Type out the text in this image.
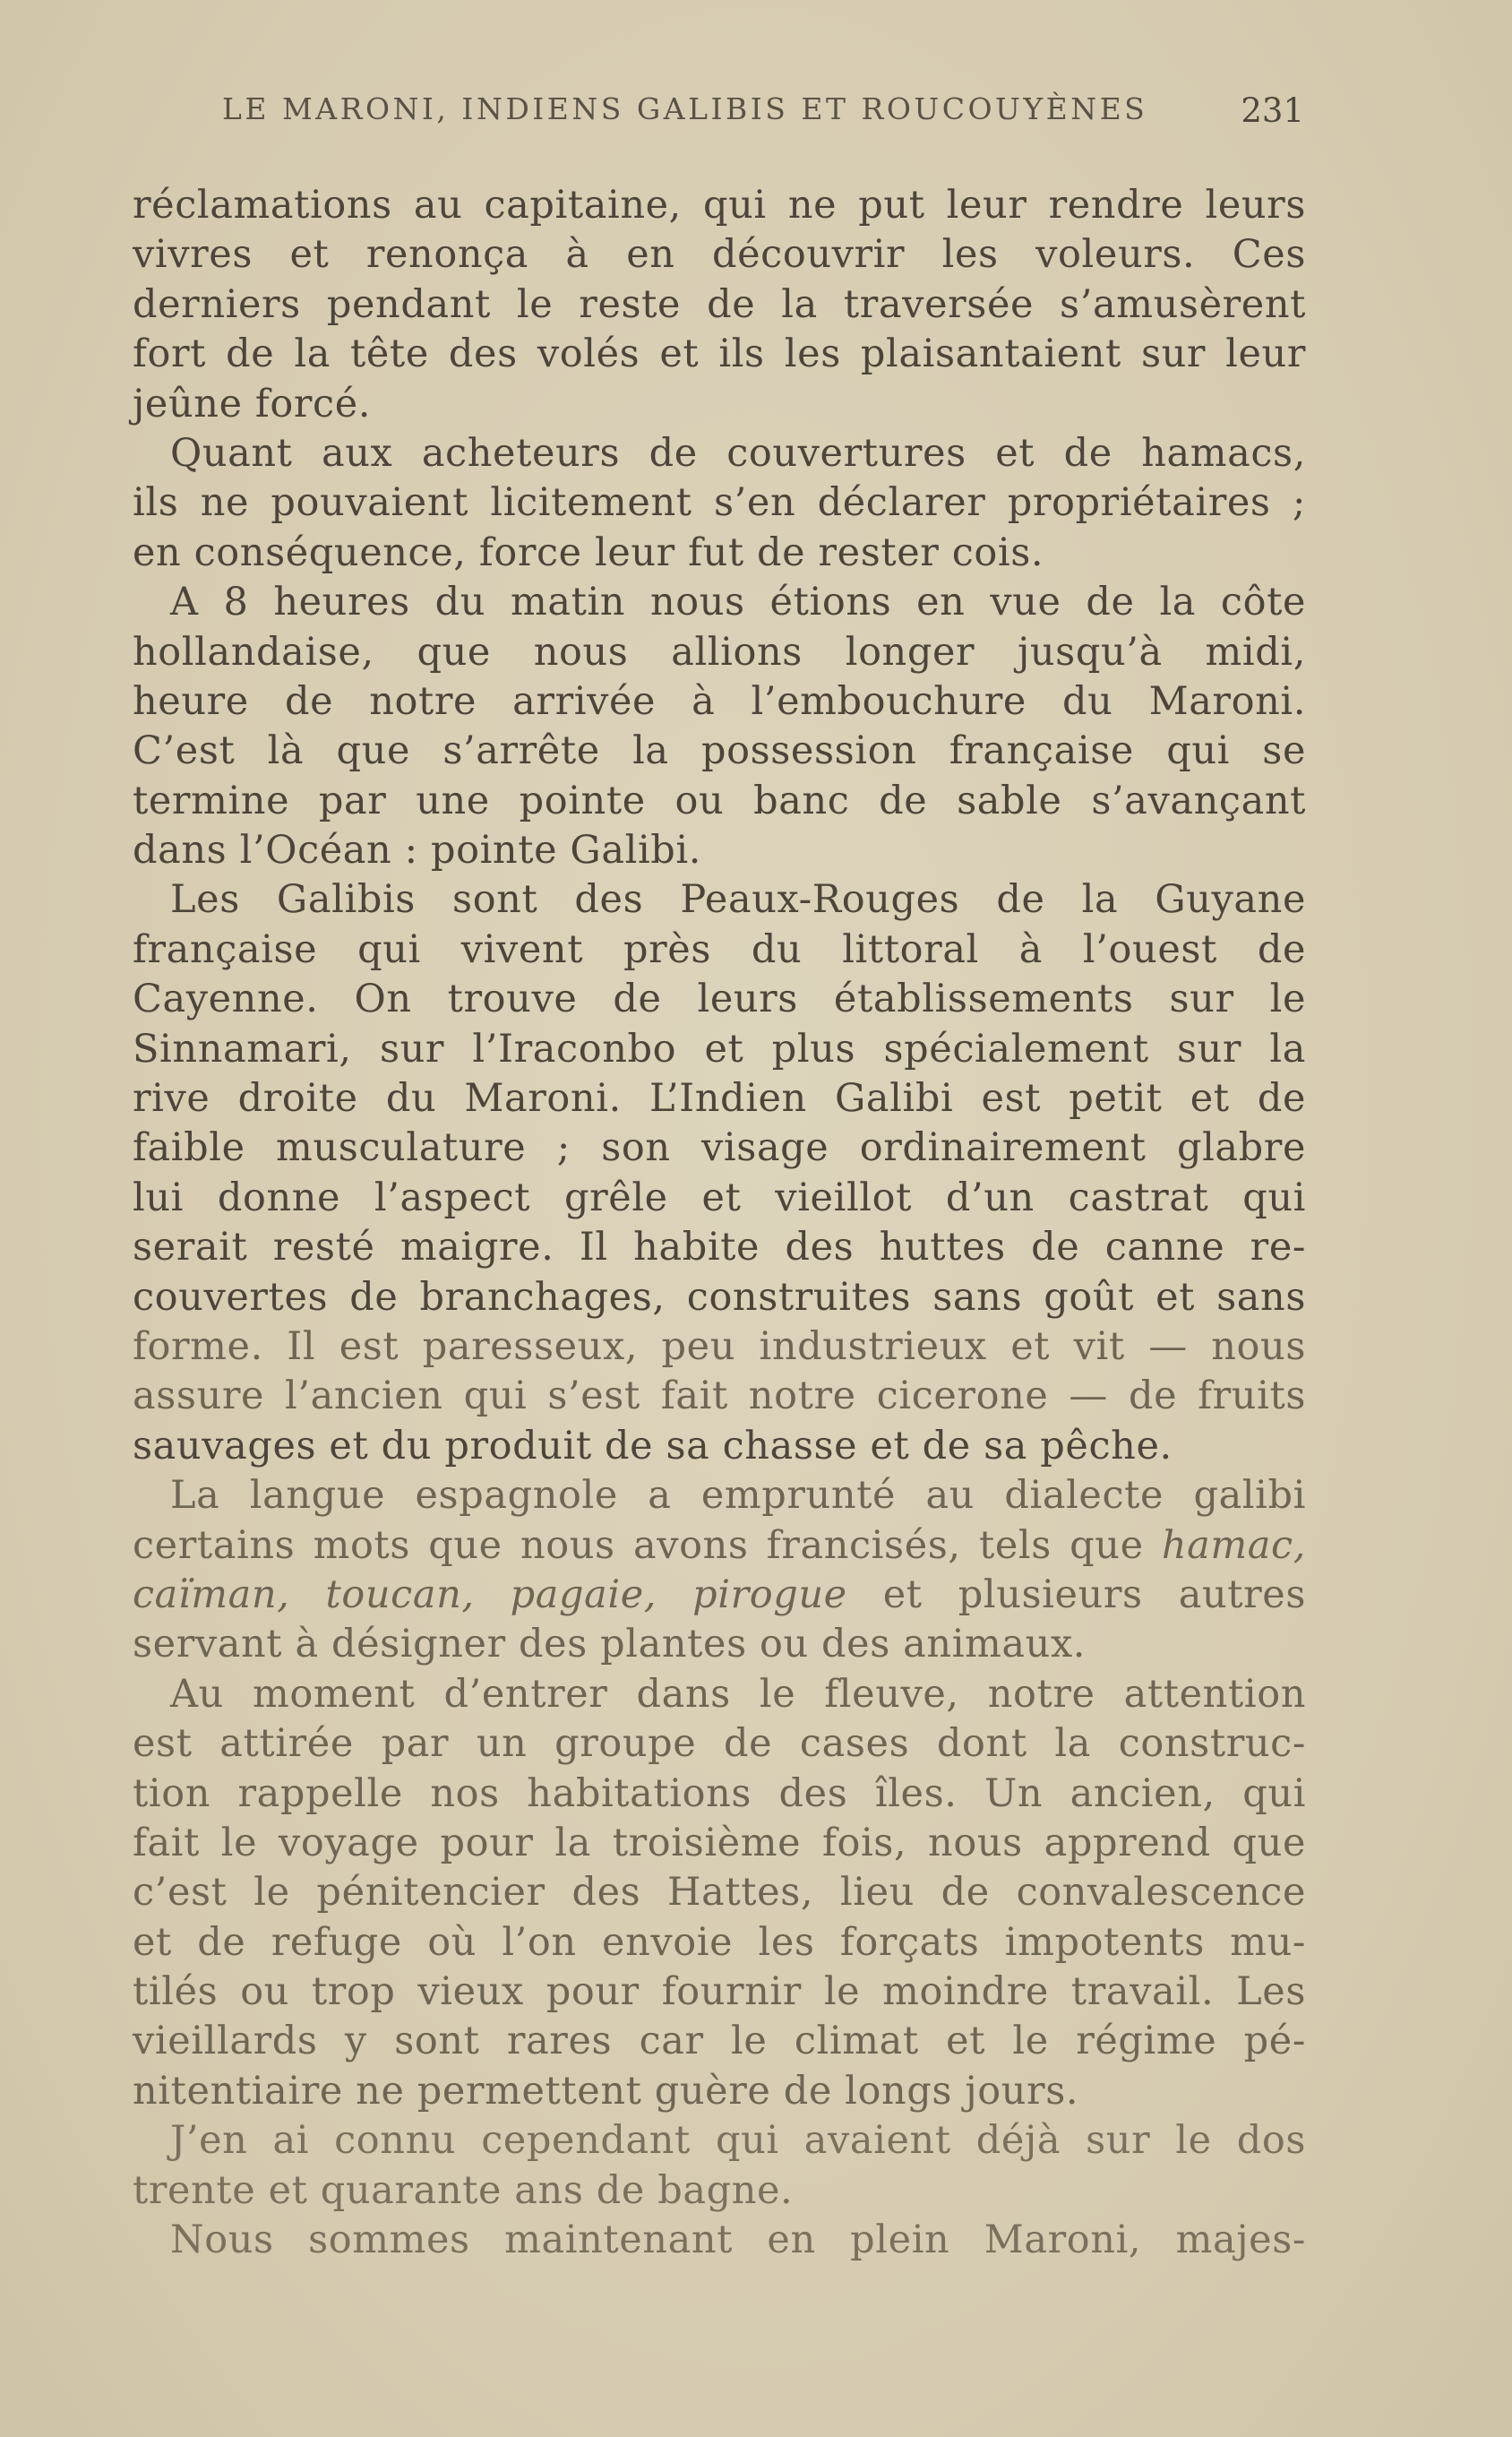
LE MARONI, INDIENS GALIBIS ET ROUCOUYÈNES	231
réclamations au capitaine, qui ne put leur rendre leurs
vivres et renonça à en découvrir les voleurs. Ces
derniers pendant le reste de la traversée s’amusèrent
fort de la tête des volés et ils les plaisantaient sur leur
jeûne forcé.
Quant aux acheteurs de couvertures et de hamacs,
ils ne pouvaient licitement s’en déclarer propriétaires ;
en conséquence, force leur fut de rester cois.
A 8 heures du matin nous étions en vue de la côte
hollandaise, que nous allions longer jusqu’à midi,
heure de notre arrivée à l’embouchure du Maroni.
C’est là que s’arrête la possession française qui se
termine par une pointe ou banc de sable s’avançant
dans l’Océan : pointe Galibi.
Les Galibis sont des Peaux-Rouges de la Guyane
française qui vivent près du littoral à l’ouest de
Cayenne. On trouve de leurs établissements sur le
Sinnamari, sur l’Iraconbo et plus spécialement sur la
rive droite du Maroni. L’Indien Galibi est petit et de
faible musculature ; son visage ordinairement glabre
lui donne l’aspect grêle et vieillot d’un castrat qui
serait resté maigre. Il habite des huttes de canne re-
couvertes de branchages, construites sans goût et sans
forme. Il est paresseux, peu industrieux et vit — nous
assure l’ancien qui s’est fait notre cicerone — de fruits
sauvages et du produit de sa chasse et de sa pêche.
La langue espagnole a emprunté au dialecte galibi
certains mots que nous avons francisés, tels que hamac,
caïman, toucan, pagaie, pirogue et plusieurs autres
servant à désigner des plantes ou des animaux.
Au moment d’entrer dans le fleuve, notre attention
est attirée par un groupe de cases dont la construc-
tion rappelle nos habitations des îles. Un ancien, qui
fait le voyage pour la troisième fois, nous apprend que
c’est le pénitencier des Hattes, lieu de convalescence
et de refuge où l’on envoie les forçats impotents mu-
tilés ou trop vieux pour fournir le moindre travail. Les
vieillards y sont rares car le climat et le régime pé-
nitentiaire ne permettent guère de longs jours.
J’en ai connu cependant qui avaient déjà sur le dos
trente et quarante ans de bagne.
Nous sommes maintenant en plein Maroni, majes-
